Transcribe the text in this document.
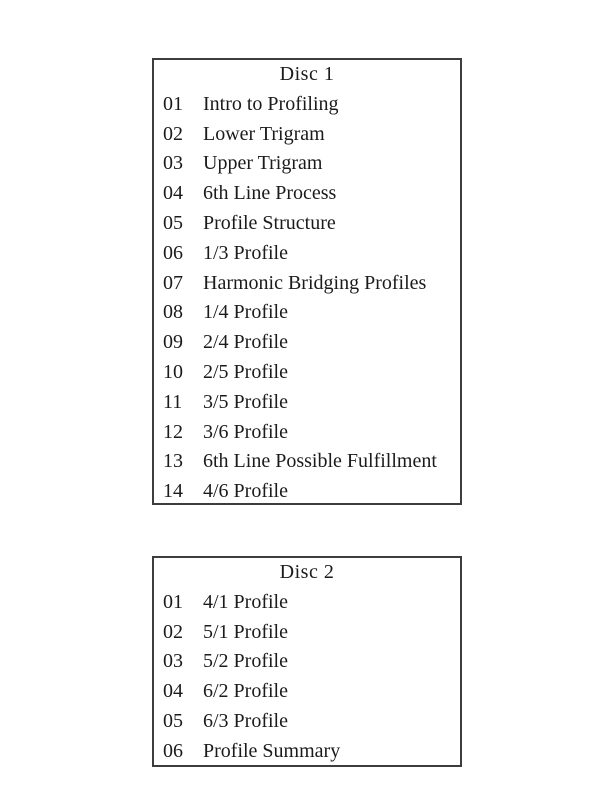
Disc 1
01	Intro to Profiling
02	Lower Trigram
03	Upper Trigram
04	6th Line Process
05	Profile Structure
06	1/3 Profile
07	Harmonic Bridging Profiles
08	1/4 Profile
09	2/4 Profile
10	2/5 Profile
11	3/5 Profile
12	3/6 Profile
13	6th Line Possible Fulfillment
14	4/6 Profile
Disc 2
01	4/1 Profile
02	5/1 Profile
03	5/2 Profile
04	6/2 Profile
05	6/3 Profile
06	Profile Summary
